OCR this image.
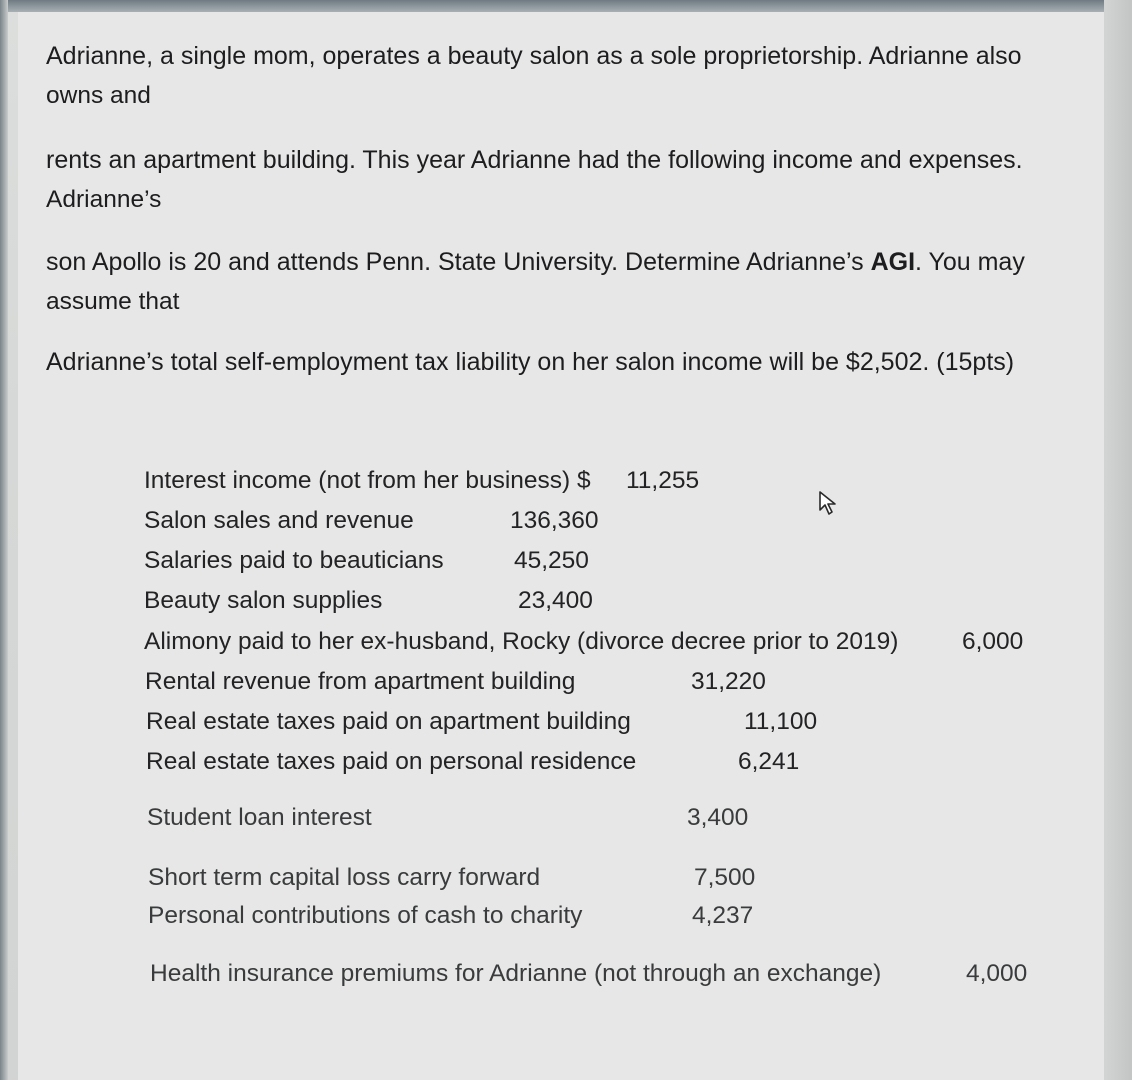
Adrianne, a single mom, operates a beauty salon as a sole proprietorship. Adrianne also
owns and
rents an apartment building. This year Adrianne had the following income and expenses.
Adrianne’s
son Apollo is 20 and attends Penn. State University. Determine Adrianne’s AGI. You may
assume that
Adrianne’s total self-employment tax liability on her salon income will be $2,502. (15pts)
Interest income (not from her business) $ 11,255
Salon sales and revenue	136,360
Salaries paid to beauticians	45,250
Beauty salon supplies	23,400
Alimony paid to her ex-husband, Rocky (divorce decree prior to 2019)	6,000
Rental revenue from apartment building	31,220
Real estate taxes paid on apartment building	11,100
Real estate taxes paid on personal residence	6,241
Student loan interest	3,400
Short term capital loss carry forward	7,500
Personal contributions of cash to charity	4,237
Health insurance premiums for Adrianne (not through an exchange)	4,000
